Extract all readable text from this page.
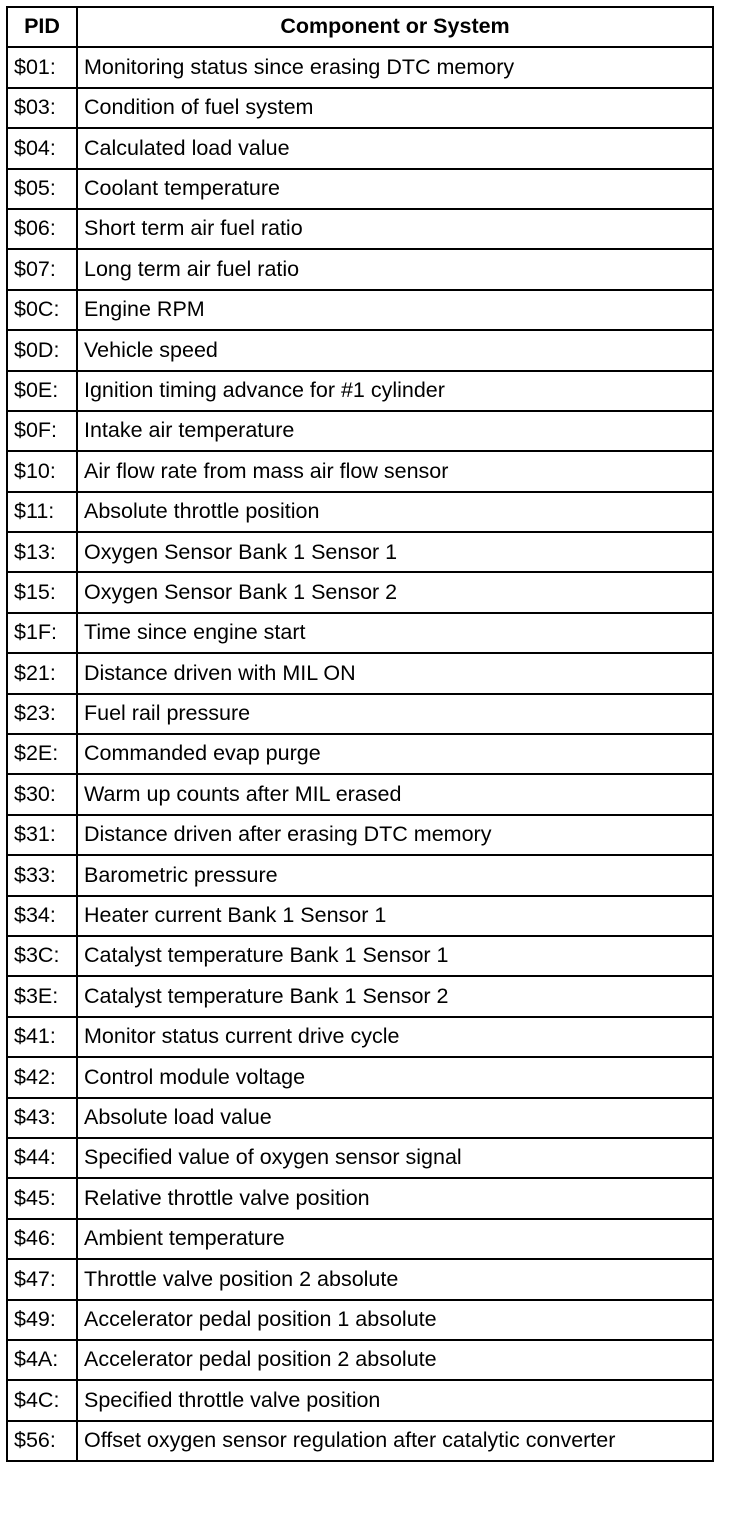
PID	Component or System
$01:	Monitoring status since erasing DTC memory
$03:	Condition of fuel system
$04:	Calculated load value
$05:	Coolant temperature
$06:	Short term air fuel ratio
$07:	Long term air fuel ratio
$0C:	Engine RPM
$0D:	Vehicle speed
$0E:	Ignition timing advance for #1 cylinder
$0F:	Intake air temperature
$10:	Air flow rate from mass air flow sensor
$11:	Absolute throttle position
$13:	Oxygen Sensor Bank 1 Sensor 1
$15:	Oxygen Sensor Bank 1 Sensor 2
$1F:	Time since engine start
$21:	Distance driven with MIL ON
$23:	Fuel rail pressure
$2E:	Commanded evap purge
$30:	Warm up counts after MIL erased
$31:	Distance driven after erasing DTC memory
$33:	Barometric pressure
$34:	Heater current Bank 1 Sensor 1
$3C:	Catalyst temperature Bank 1 Sensor 1
$3E:	Catalyst temperature Bank 1 Sensor 2
$41:	Monitor status current drive cycle
$42:	Control module voltage
$43:	Absolute load value
$44:	Specified value of oxygen sensor signal
$45:	Relative throttle valve position
$46:	Ambient temperature
$47:	Throttle valve position 2 absolute
$49:	Accelerator pedal position 1 absolute
$4A:	Accelerator pedal position 2 absolute
$4C:	Specified throttle valve position
$56:	Offset oxygen sensor regulation after catalytic converter
